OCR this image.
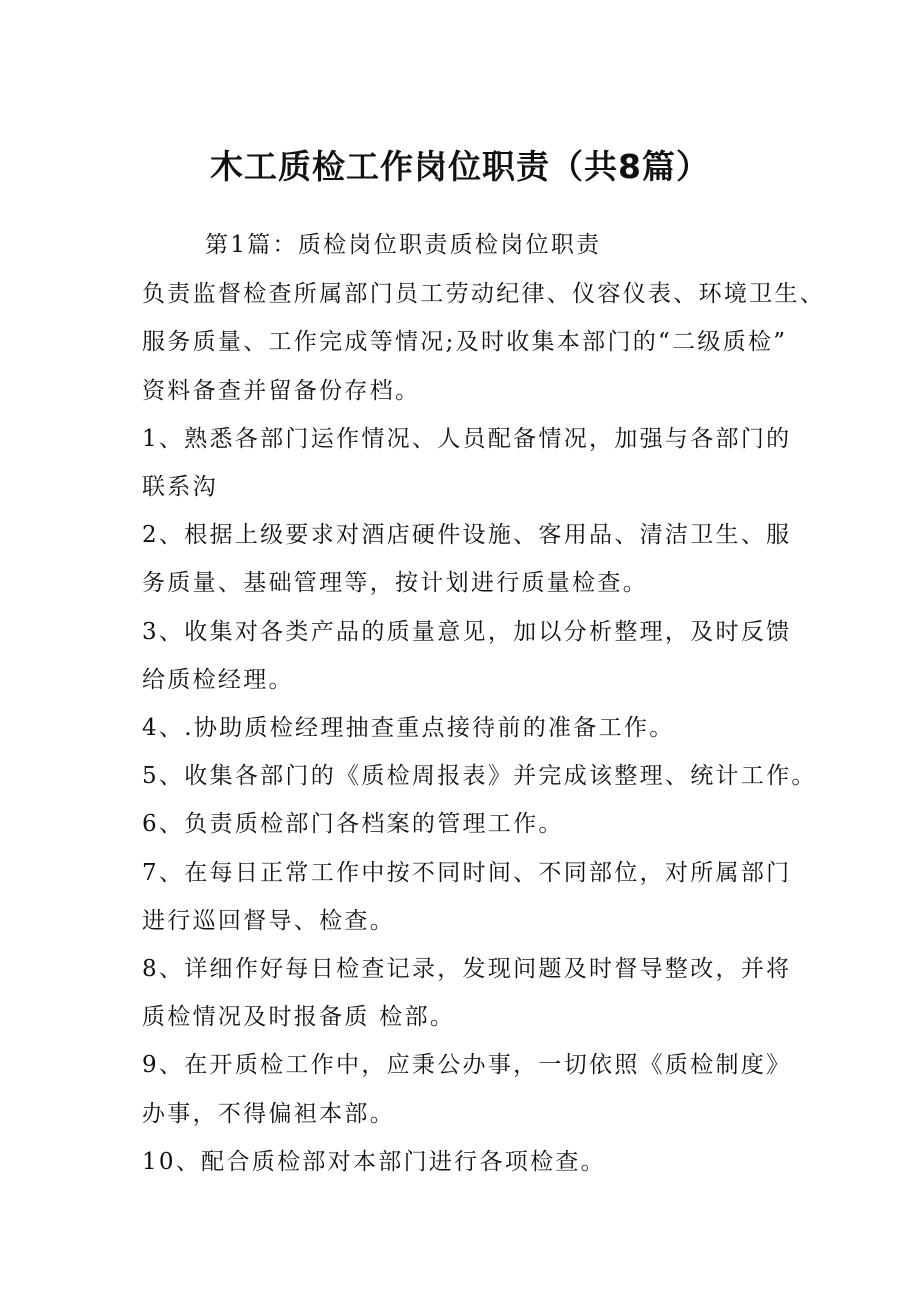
木工质检工作岗位职责（共8篇）
第1篇：质检岗位职责质检岗位职责
负责监督检查所属部门员工劳动纪律、仪容仪表、环境卫生、
服务质量、工作完成等情况;及时收集本部门的“二级质检”
资料备查并留备份存档。
1、熟悉各部门运作情况、人员配备情况，加强与各部门的
联系沟
2、根据上级要求对酒店硬件设施、客用品、清洁卫生、服
务质量、基础管理等，按计划进行质量检查。
3、收集对各类产品的质量意见，加以分析整理，及时反馈
给质检经理。
4、.协助质检经理抽查重点接待前的准备工作。
5、收集各部门的《质检周报表》并完成该整理、统计工作。
6、负责质检部门各档案的管理工作。
7、在每日正常工作中按不同时间、不同部位，对所属部门
进行巡回督导、检查。
8、详细作好每日检查记录，发现问题及时督导整改，并将
质检情况及时报备质 检部。
9、在开质检工作中，应秉公办事，一切依照《质检制度》
办事，不得偏袒本部。
10、配合质检部对本部门进行各项检查。
